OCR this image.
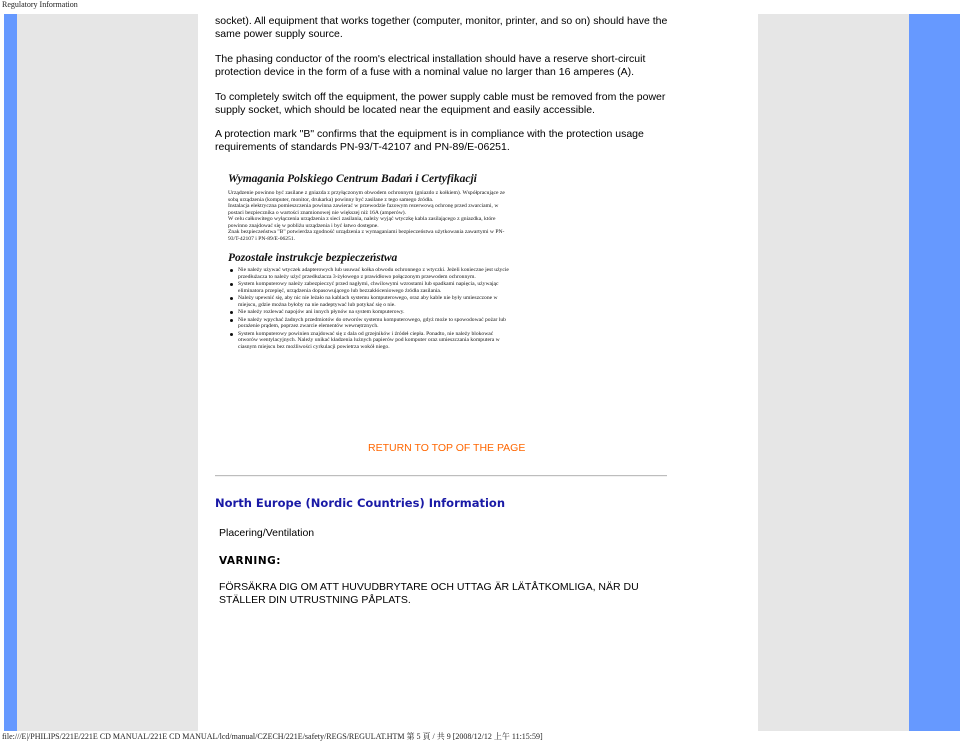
Regulatory Information

socket). All equipment that works together (computer, monitor, printer, and so on) should have the same power supply source.

The phasing conductor of the room's electrical installation should have a reserve short-circuit protection device in the form of a fuse with a nominal value no larger than 16 amperes (A).

To completely switch off the equipment, the power supply cable must be removed from the power supply socket, which should be located near the equipment and easily accessible.

A protection mark "B" confirms that the equipment is in compliance with the protection usage requirements of standards PN-93/T-42107 and PN-89/E-06251.

Wymagania Polskiego Centrum Badań i Certyfikacji

Urządzenie powinno być zasilane z gniazda z przyłączonym obwodem ochronnym (gniazdo z kołkiem). Współpracujące ze sobą urządzenia (komputer, monitor, drukarka) powinny być zasilane z tego samego źródła.

Instalacja elektryczna pomieszczenia powinna zawierać w przewodzie fazowym rezerwową ochronę przed zwarciami, w postaci bezpiecznika o wartości znamionowej nie większej niż 16A (amperów).

W celu całkowitego wyłączenia urządzenia z sieci zasilania, należy wyjąć wtyczkę kabla zasilającego z gniazdka, które powinno znajdować się w pobliżu urządzenia i być łatwo dostępne.

Znak bezpieczeństwa "B" potwierdza zgodność urządzenia z wymaganiami bezpieczeństwa użytkowania zawartymi w PN-93/T-42107 i PN-89/E-06251.

Pozostałe instrukcje bezpieczeństwa
Nie należy używać wtyczek adapterowych lub usuwać kołka obwodu ochronnego z wtyczki. Jeżeli konieczne jest użycie przedłużacza to należy użyć przedłużacza 3-żyłowego z prawidłowo połączonym przewodem ochronnym.
System komputerowy należy zabezpieczyć przed nagłymi, chwilowymi wzrostami lub spadkami napięcia, używając eliminatora przepięć, urządzenia dopasowującego lub bezzakłóceniowego źródła zasilania.
Należy upewnić się, aby nic nie leżało na kablach systemu komputerowego, oraz aby kable nie były umieszczone w miejscu, gdzie można byłoby na nie nadeptywać lub potykać się o nie.
Nie należy rozlewać napojów ani innych płynów na system komputerowy.
Nie należy wpychać żadnych przedmiotów do otworów systemu komputerowego, gdyż może to spowodować pożar lub porażenie prądem, poprzez zwarcie elementów wewnętrznych.
System komputerowy powinien znajdować się z dala od grzejników i źródeł ciepła. Ponadto, nie należy blokować otworów wentylacyjnych. Należy unikać kładzenia lużnych papierów pod komputer oraz umieszczania komputera w ciasnym miejscu bez możliwości cyrkulacji powietrza wokół niego.
RETURN TO TOP OF THE PAGE
North Europe (Nordic Countries) Information
Placering/Ventilation
VARNING:

FÖRSÄKRA DIG OM ATT HUVUDBRYTARE OCH UTTAG ÄR LÄTÅTKOMLIGA, NÄR DU STÄLLER DIN UTRUSTNING PÅPLATS.

file:///E|/PHILIPS/221E/221E CD MANUAL/221E CD MANUAL/lcd/manual/CZECH/221E/safety/REGS/REGULAT.HTM 第 5 頁 / 共 9 [2008/12/12 上午 11:15:59]
